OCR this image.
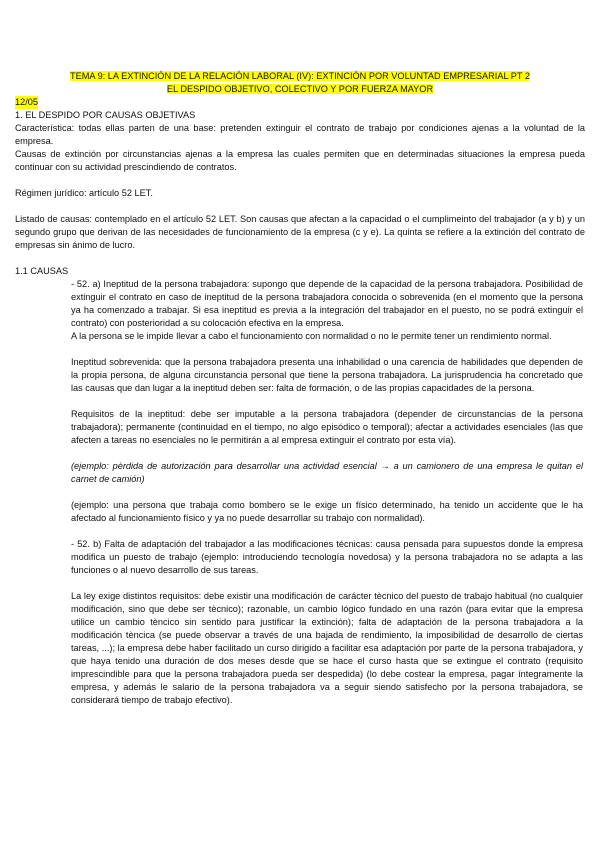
TEMA 9: LA EXTINCIÓN DE LA RELACIÓN LABORAL (IV): EXTINCIÓN POR VOLUNTAD EMPRESARIAL PT 2

EL DESPIDO OBJETIVO, COLECTIVO Y POR FUERZA MAYOR

12/05

1. EL DESPIDO POR CAUSAS OBJETIVAS

Característica: todas ellas parten de una base: pretenden extinguir el contrato de trabajo por condiciones ajenas a la voluntad de la empresa.

Causas de extinción por circunstancias ajenas a la empresa las cuales permiten que en determinadas situaciones la empresa pueda continuar con su actividad prescindiendo de contratos.

Régimen jurídico: artículo 52 LET.

Listado de causas: contemplado en el artículo 52 LET. Son causas que afectan a la capacidad o el cumplimeinto del trabajador (a y b) y un segundo grupo que derivan de las necesidades de funcionamiento de la empresa (c y e). La quinta se refiere a la extinción del contrato de empresas sin ánimo de lucro.

1.1 CAUSAS

- 52. a) Ineptitud de la persona trabajadora: supongo que depende de la capacidad de la persona trabajadora. Posibilidad de extinguir el contrato en caso de ineptitud de la persona trabajadora conocida o sobrevenida (en el momento que la persona ya ha comenzado a trabajar. Si esa ineptitud es previa a la integración del trabajador en el puesto, no se podrá extinguir el contrato) con posterioridad a su colocación efectiva en la empresa.

A la persona se le impide llevar a cabo el funcionamiento con normalidad o no le permite tener un rendimiento normal.

Ineptitud sobrevenida: que la persona trabajadora presenta una inhabilidad o una carencia de habilidades que dependen de la propia persona, de alguna circunstancia personal que tiene la persona trabajadora. La jurisprudencia ha concretado que las causas que dan lugar a la ineptitud deben ser: falta de formación, o de las propias capacidades de la persona.

Requisitos de la ineptitud: debe ser imputable a la persona trabajadora (depender de circunstancias de la persona trabajadora); permanente (continuidad en el tiempo, no algo episódico o temporal); afectar a actividades esenciales (las que afecten a tareas no esenciales no le permitirán a al empresa extinguir el contrato por esta vía).

(ejemplo: pèrdida de autorización para desarrollar una actividad esencial → a un camionero de una empresa le quitan el carnet de camión)

(ejemplo: una persona que trabaja como bombero se le exige un físico determinado, ha tenido un accidente que le ha afectado al funcionamiento físico y ya no puede desarrollar su trabajo con normalidad).

- 52. b) Falta de adaptación del trabajador a las modificaciones técnicas: causa pensada para supuestos donde la empresa modifica un puesto de trabajo (ejemplo: introduciendo tecnología novedosa) y la persona trabajadora no se adapta a las funciones o al nuevo desarrollo de sus tareas.

La ley exige distintos requisitos: debe existir una modificación de carácter tècnico del puesto de trabajo habitual (no cualquier modificación, sino que debe ser tècnico); razonable, un cambio lógico fundado en una razón (para evitar que la empresa utilice un cambio tèncico sin sentido para justificar la extinción); falta de adaptación de la persona trabajadora a la modificación tèncica (se puede observar a través de una bajada de rendimiento, la imposibilidad de desarrollo de ciertas tareas, ...); la empresa debe haber facilitado un curso dirigido a facilitar esa adaptación por parte de la persona trabajadora, y que haya tenido una duración de dos meses desde que se hace el curso hasta que se extingue el contrato (requisito imprescindible para que la persona trabajadora pueda ser despedida) (lo debe costear la empresa, pagar íntegramente la empresa, y además le salario de la persona trabajadora va a seguir siendo satisfecho por la persona trabajadora, se considerará tiempo de trabajo efectivo).
